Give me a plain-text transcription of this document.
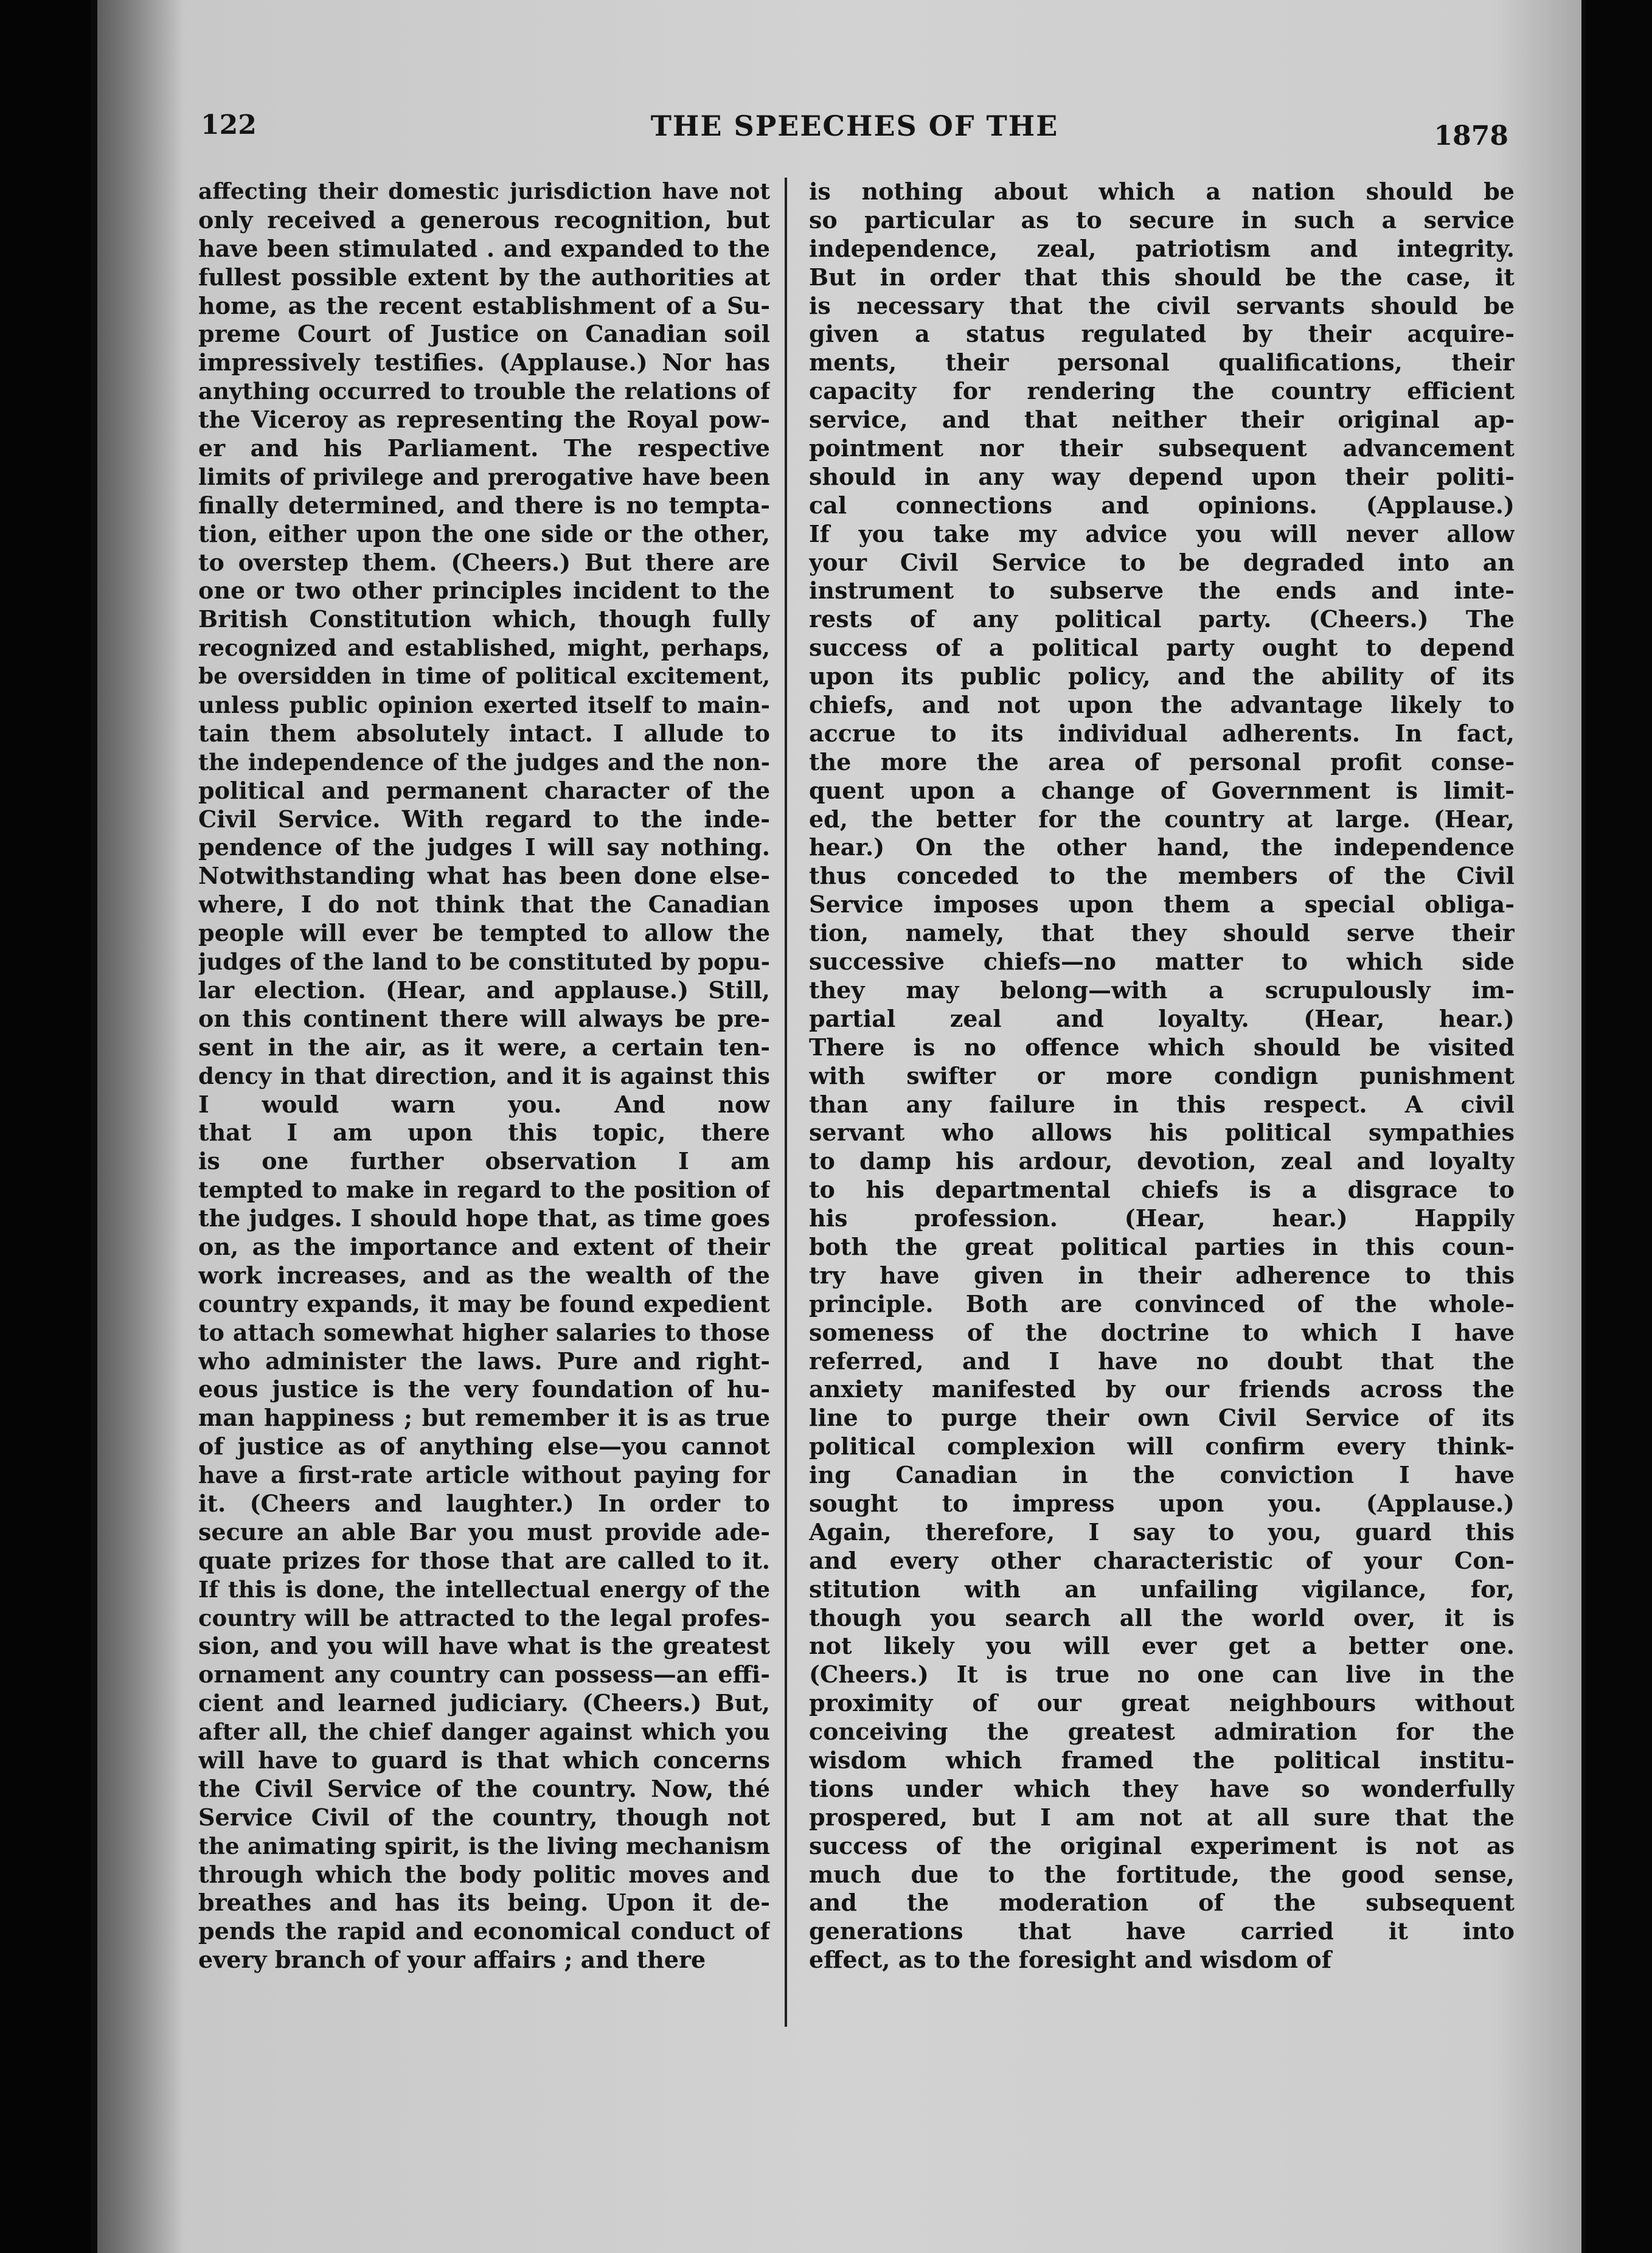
122	THE SPEECHES OF THE	1878
affecting their domestic jurisdiction have not
only received a generous recognition, but
have been stimulated . and expanded to the
fullest possible extent by the authorities at
home, as the recent establishment of a Su-
preme Court of Justice on Canadian soil
impressively testifies. (Applause.) Nor has
anything occurred to trouble the relations of
the Viceroy as representing the Royal pow-
er and his Parliament. The respective
limits of privilege and prerogative have been
finally determined, and there is no tempta-
tion, either upon the one side or the other,
to overstep them. (Cheers.) But there are
one or two other principles incident to the
British Constitution which, though fully
recognized and established, might, perhaps,
be oversidden in time of political excitement,
unless public opinion exerted itself to main-
tain them absolutely intact. I allude to
the independence of the judges and the non-
political and permanent character of the
Civil Service. With regard to the inde-
pendence of the judges I will say nothing.
Notwithstanding what has been done else-
where, I do not think that the Canadian
people will ever be tempted to allow the
judges of the land to be constituted by popu-
lar election. (Hear, and applause.) Still,
on this continent there will always be pre-
sent in the air, as it were, a certain ten-
dency in that direction, and it is against this
I would warn you. And now
that I am upon this topic, there
is one further observation I am
tempted to make in regard to the position of
the judges. I should hope that, as time goes
on, as the importance and extent of their
work increases, and as the wealth of the
country expands, it may be found expedient
to attach somewhat higher salaries to those
who administer the laws. Pure and right-
eous justice is the very foundation of hu-
man happiness ; but remember it is as true
of justice as of anything else—you cannot
have a first-rate article without paying for
it. (Cheers and laughter.) In order to
secure an able Bar you must provide ade-
quate prizes for those that are called to it.
If this is done, the intellectual energy of the
country will be attracted to the legal profes-
sion, and you will have what is the greatest
ornament any country can possess—an effi-
cient and learned judiciary. (Cheers.) But,
after all, the chief danger against which you
will have to guard is that which concerns
the Civil Service of the country. Now, thé
Service Civil of the country, though not
the animating spirit, is the living mechanism
through which the body politic moves and
breathes and has its being. Upon it de-
pends the rapid and economical conduct of
every branch of your affairs ; and there
is nothing about which a nation should be
so particular as to secure in such a service
independence, zeal, patriotism and integrity.
But in order that this should be the case, it
is necessary that the civil servants should be
given a status regulated by their acquire-
ments, their personal qualifications, their
capacity for rendering the country efficient
service, and that neither their original ap-
pointment nor their subsequent advancement
should in any way depend upon their politi-
cal connections and opinions. (Applause.)
If you take my advice you will never allow
your Civil Service to be degraded into an
instrument to subserve the ends and inte-
rests of any political party. (Cheers.) The
success of a political party ought to depend
upon its public policy, and the ability of its
chiefs, and not upon the advantage likely to
accrue to its individual adherents. In fact,
the more the area of personal profit conse-
quent upon a change of Government is limit-
ed, the better for the country at large. (Hear,
hear.) On the other hand, the independence
thus conceded to the members of the Civil
Service imposes upon them a special obliga-
tion, namely, that they should serve their
successive chiefs—no matter to which side
they may belong—with a scrupulously im-
partial zeal and loyalty. (Hear, hear.)
There is no offence which should be visited
with swifter or more condign punishment
than any failure in this respect. A civil
servant who allows his political sympathies
to damp his ardour, devotion, zeal and loyalty
to his departmental chiefs is a disgrace to
his profession. (Hear, hear.) Happily
both the great political parties in this coun-
try have given in their adherence to this
principle. Both are convinced of the whole-
someness of the doctrine to which I have
referred, and I have no doubt that the
anxiety manifested by our friends across the
line to purge their own Civil Service of its
political complexion will confirm every think-
ing Canadian in the conviction I have
sought to impress upon you. (Applause.)
Again, therefore, I say to you, guard this
and every other characteristic of your Con-
stitution with an unfailing vigilance, for,
though you search all the world over, it is
not likely you will ever get a better one.
(Cheers.) It is true no one can live in the
proximity of our great neighbours without
conceiving the greatest admiration for the
wisdom which framed the political institu-
tions under which they have so wonderfully
prospered, but I am not at all sure that the
success of the original experiment is not as
much due to the fortitude, the good sense,
and the moderation of the subsequent
generations that have carried it into
effect, as to the foresight and wisdom of
